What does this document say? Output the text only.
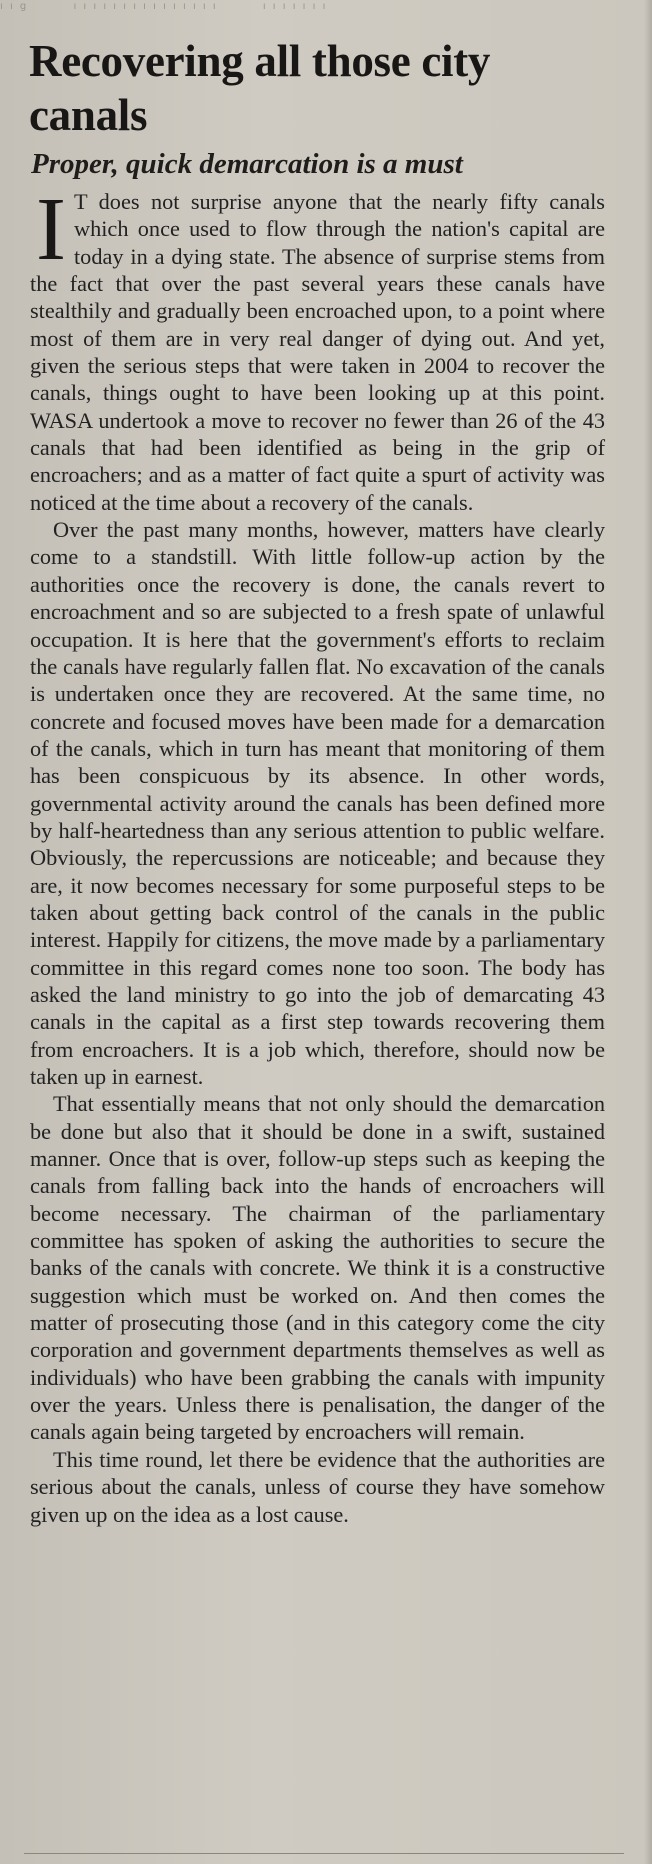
ı ı g	ı ı ı ı ı ı ı ı ı ı ı ı ı ı ı	ı ı ı ı ı ı ı
Recovering all those city canals
Proper, quick demarcation is a must

I T does not surprise anyone that the nearly fifty canals which once used to flow through the nation's capital are today in a dying state. The absence of surprise stems from the fact that over the past several years these canals have stealthily and gradually been encroached upon, to a point where most of them are in very real danger of dying out. And yet, given the serious steps that were taken in 2004 to recover the canals, things ought to have been looking up at this point. WASA undertook a move to recover no fewer than 26 of the 43 canals that had been identified as being in the grip of encroachers; and as a matter of fact quite a spurt of activity was noticed at the time about a recovery of the canals.

Over the past many months, however, matters have clearly come to a standstill. With little follow-up action by the authorities once the recovery is done, the canals revert to encroachment and so are subjected to a fresh spate of unlawful occupation. It is here that the government's efforts to reclaim the canals have regularly fallen flat. No excavation of the canals is undertaken once they are recovered. At the same time, no concrete and focused moves have been made for a demarcation of the canals, which in turn has meant that monitoring of them has been conspicuous by its absence. In other words, governmental activity around the canals has been defined more by half-heartedness than any serious attention to public welfare. Obviously, the repercussions are noticeable; and because they are, it now becomes necessary for some purposeful steps to be taken about getting back control of the canals in the public interest. Happily for citizens, the move made by a parliamentary committee in this regard comes none too soon. The body has asked the land ministry to go into the job of demarcating 43 canals in the capital as a first step towards recovering them from encroachers. It is a job which, therefore, should now be taken up in earnest.

That essentially means that not only should the demarcation be done but also that it should be done in a swift, sustained manner. Once that is over, follow-up steps such as keeping the canals from falling back into the hands of encroachers will become necessary. The chairman of the parliamentary committee has spoken of asking the authorities to secure the banks of the canals with concrete. We think it is a constructive suggestion which must be worked on. And then comes the matter of prosecuting those (and in this category come the city corporation and government departments themselves as well as individuals) who have been grabbing the canals with impunity over the years. Unless there is penalisation, the danger of the canals again being targeted by encroachers will remain.

This time round, let there be evidence that the authorities are serious about the canals, unless of course they have somehow given up on the idea as a lost cause.
